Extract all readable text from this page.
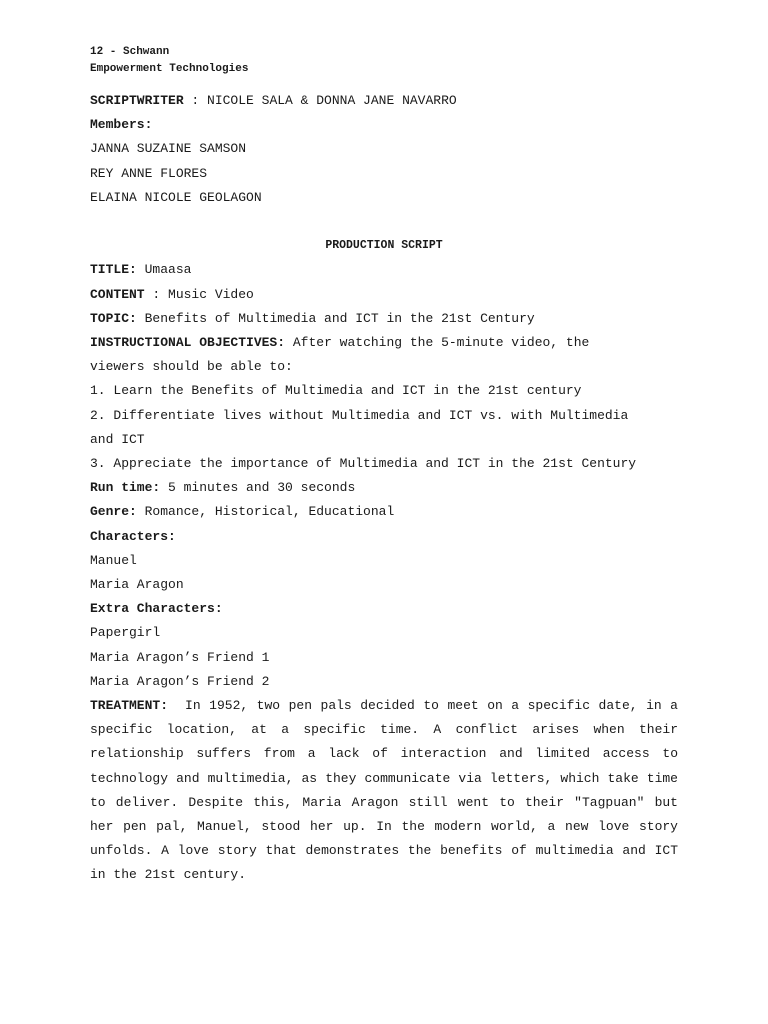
12 - Schwann
Empowerment Technologies
SCRIPTWRITER : NICOLE SALA & DONNA JANE NAVARRO
Members:
JANNA SUZAINE SAMSON
REY ANNE FLORES
ELAINA NICOLE GEOLAGON
PRODUCTION SCRIPT
TITLE: Umaasa
CONTENT : Music Video
TOPIC: Benefits of Multimedia and ICT in the 21st Century
INSTRUCTIONAL OBJECTIVES: After watching the 5-minute video, the
viewers should be able to:
1. Learn the Benefits of Multimedia and ICT in the 21st century
2. Differentiate lives without Multimedia and ICT vs. with Multimedia
and ICT
3. Appreciate the importance of Multimedia and ICT in the 21st Century
Run time: 5 minutes and 30 seconds
Genre: Romance, Historical, Educational
Characters:
Manuel
Maria Aragon
Extra Characters:
Papergirl
Maria Aragon’s Friend 1
Maria Aragon’s Friend 2
TREATMENT: In 1952, two pen pals decided to meet on a specific date, in a specific location, at a specific time. A conflict arises when their relationship suffers from a lack of interaction and limited access to technology and multimedia, as they communicate via letters, which take time to deliver. Despite this, Maria Aragon still went to their "Tagpuan" but her pen pal, Manuel, stood her up. In the modern world, a new love story unfolds. A love story that demonstrates the benefits of multimedia and ICT in the 21st century.
